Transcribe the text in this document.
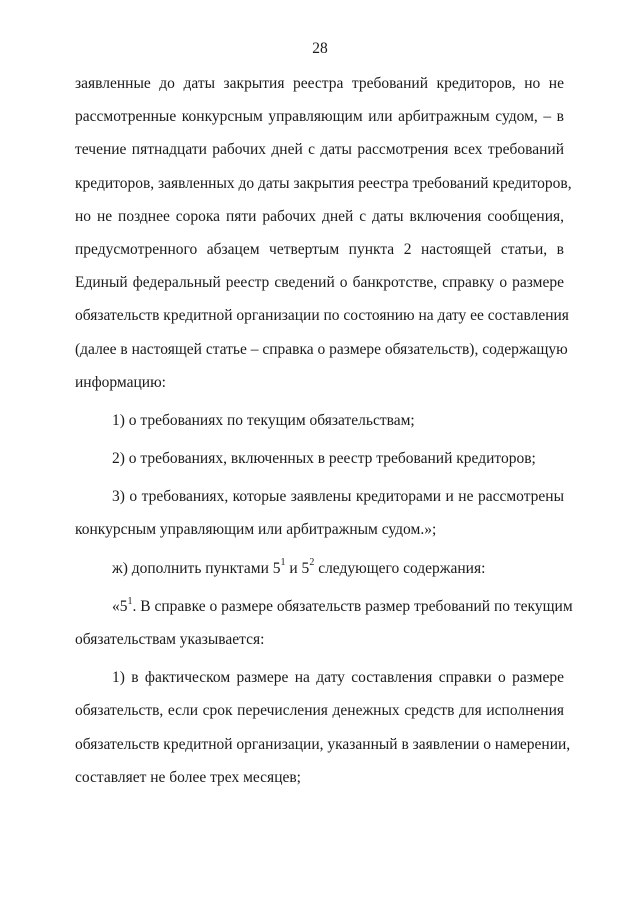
28
заявленные до даты закрытия реестра требований кредиторов, но не
рассмотренные конкурсным управляющим или арбитражным судом, – в
течение пятнадцати рабочих дней с даты рассмотрения всех требований
кредиторов, заявленных до даты закрытия реестра требований кредиторов,
но не позднее сорока пяти рабочих дней с даты включения сообщения,
предусмотренного абзацем четвертым пункта 2 настоящей статьи, в
Единый федеральный реестр сведений о банкротстве, справку о размере
обязательств кредитной организации по состоянию на дату ее составления
(далее в настоящей статье – справка о размере обязательств), содержащую
информацию:
1) о требованиях по текущим обязательствам;
2) о требованиях, включенных в реестр требований кредиторов;
3) о требованиях, которые заявлены кредиторами и не рассмотрены
конкурсным управляющим или арбитражным судом.»;
ж) дополнить пунктами $5^1$ и $5^2$ следующего содержания:
«$5^1$. В справке о размере обязательств размер требований по текущим
обязательствам указывается:
1) в фактическом размере на дату составления справки о размере
обязательств, если срок перечисления денежных средств для исполнения
обязательств кредитной организации, указанный в заявлении о намерении,
составляет не более трех месяцев;
